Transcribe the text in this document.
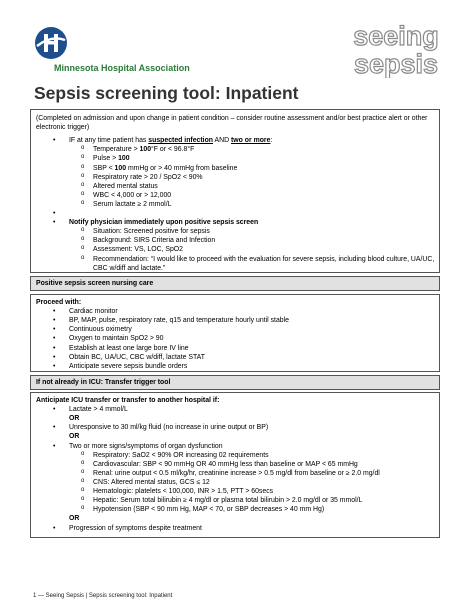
Minnesota Hospital Association
seeing
sepsis
Sepsis screening tool: Inpatient
(Completed on admission and upon change in patient condition – consider routine assessment and/or best practice alert or other electronic trigger)
• IF at any time patient has suspected infection AND two or more:
o Temperature > 100°F or < 96.8°F
o Pulse > 100
o SBP < 100 mmHg or > 40 mmHg from baseline
o Respiratory rate > 20 / SpO2 < 90%
o Altered mental status
o WBC < 4,000 or > 12,000
o Serum lactate ≥ 2 mmol/L
•
• Notify physician immediately upon positive sepsis screen
o Situation: Screened positive for sepsis
o Background: SIRS Criteria and Infection
o Assessment: VS, LOC, SpO2
o Recommendation: “I would like to proceed with the evaluation for severe sepsis, including blood culture, UA/UC, CBC w/diff and lactate.”
Positive sepsis screen nursing care
Proceed with:
• Cardiac monitor
• BP, MAP, pulse, respiratory rate, q15 and temperature hourly until stable
• Continuous oximetry
• Oxygen to maintain SpO2 > 90
• Establish at least one large bore IV line
• Obtain BC, UA/UC, CBC w/diff, lactate STAT
• Anticipate severe sepsis bundle orders
If not already in ICU: Transfer trigger tool
Anticipate ICU transfer or transfer to another hospital if:
• Lactate > 4 mmol/L
OR
• Unresponsive to 30 ml/kg fluid (no increase in urine output or BP)
OR
• Two or more signs/symptoms of organ dysfunction
o Respiratory: SaO2 < 90% OR increasing 02 requirements
o Cardiovascular: SBP < 90 mmHg OR 40 mmHg less than baseline or MAP < 65 mmHg
o Renal: urine output < 0.5 ml/kg/hr, creatinine increase > 0.5 mg/dl from baseline or ≥ 2.0 mg/dl
o CNS: Altered mental status, GCS ≤ 12
o Hematologic: platelets < 100,000, INR > 1.5, PTT > 60secs
o Hepatic: Serum total bilirubin ≥ 4 mg/dl or plasma total bilirubin > 2.0 mg/dl or 35 mmol/L
o Hypotension (SBP < 90 mm Hg, MAP < 70, or SBP decreases > 40 mm Hg)
OR
• Progression of symptoms despite treatment
1 — Seeing Sepsis | Sepsis screening tool: Inpatient
